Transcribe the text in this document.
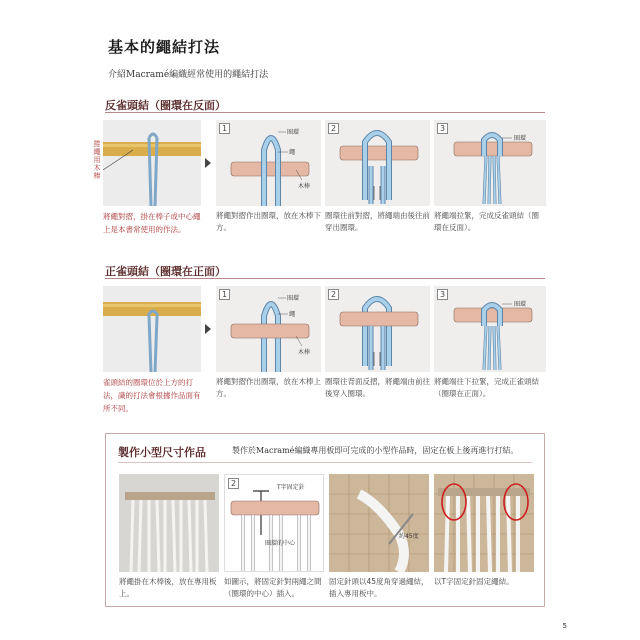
基本的繩結打法
介紹Macramé編織經常使用的繩結打法
反雀頭結（圈環在反面）
捲繩用木棒
將繩對摺，掛在棒子或中心繩上是本書常使用的作法。
1	圈環
繩
木棒
將繩對摺作出圈環，放在木棒下方。
2
圈環往前對摺，將繩端由後往前穿出圈環。
3
圈環
將繩端拉緊，完成反雀頭結（圈環在反面）。
正雀頭結（圈環在正面）
雀頭結的圈環位於上方的打法，識的打法會根據作品面有所不同。
1	圈環
繩
木棒
將繩對摺作出圈環，放在木棒上方。
2
圈環往背面反摺，將繩端由前往後穿入圈環。
3
圈環
將繩端往下拉緊，完成正雀頭結（圈環在正面）。
製作小型尺寸作品	製作於Macramé編織專用板即可完成的小型作品時，固定在板上後再進行打結。
將繩掛在木棒後，放在專用板上。
2	T字固定針
圈環的中心
如圖示，將固定針對兩繩之間（圈環的中心）插入。
約45度
固定針頭以45度角穿過繩結，插入專用板中。
以T字固定針固定繩結。
5
